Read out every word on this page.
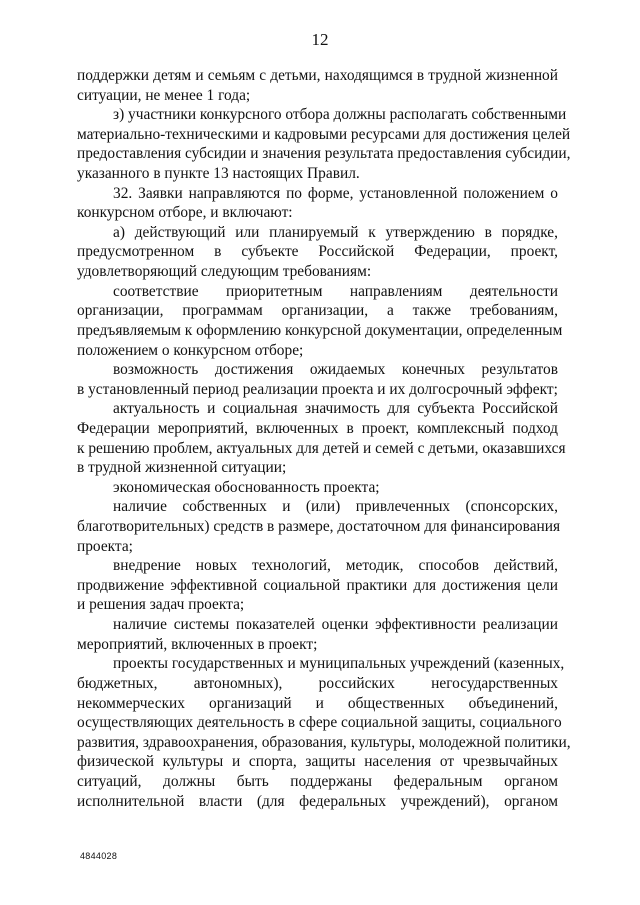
12
поддержки детям и семьям с детьми, находящимся в трудной жизненной
ситуации, не менее 1 года;
з) участники конкурсного отбора должны располагать собственными
материально-техническими и кадровыми ресурсами для достижения целей
предоставления субсидии и значения результата предоставления субсидии,
указанного в пункте 13 настоящих Правил.
32. Заявки направляются по форме, установленной положением о
конкурсном отборе, и включают:
а) действующий или планируемый к утверждению в порядке,
предусмотренном в субъекте Российской Федерации, проект,
удовлетворяющий следующим требованиям:
соответствие приоритетным направлениям деятельности
организации, программам организации, а также требованиям,
предъявляемым к оформлению конкурсной документации, определенным
положением о конкурсном отборе;
возможность достижения ожидаемых конечных результатов
в установленный период реализации проекта и их долгосрочный эффект;
актуальность и социальная значимость для субъекта Российской
Федерации мероприятий, включенных в проект, комплексный подход
к решению проблем, актуальных для детей и семей с детьми, оказавшихся
в трудной жизненной ситуации;
экономическая обоснованность проекта;
наличие собственных и (или) привлеченных (спонсорских,
благотворительных) средств в размере, достаточном для финансирования
проекта;
внедрение новых технологий, методик, способов действий,
продвижение эффективной социальной практики для достижения цели
и решения задач проекта;
наличие системы показателей оценки эффективности реализации
мероприятий, включенных в проект;
проекты государственных и муниципальных учреждений (казенных,
бюджетных, автономных), российских негосударственных
некоммерческих организаций и общественных объединений,
осуществляющих деятельность в сфере социальной защиты, социального
развития, здравоохранения, образования, культуры, молодежной политики,
физической культуры и спорта, защиты населения от чрезвычайных
ситуаций, должны быть поддержаны федеральным органом
исполнительной власти (для федеральных учреждений), органом
4844028
